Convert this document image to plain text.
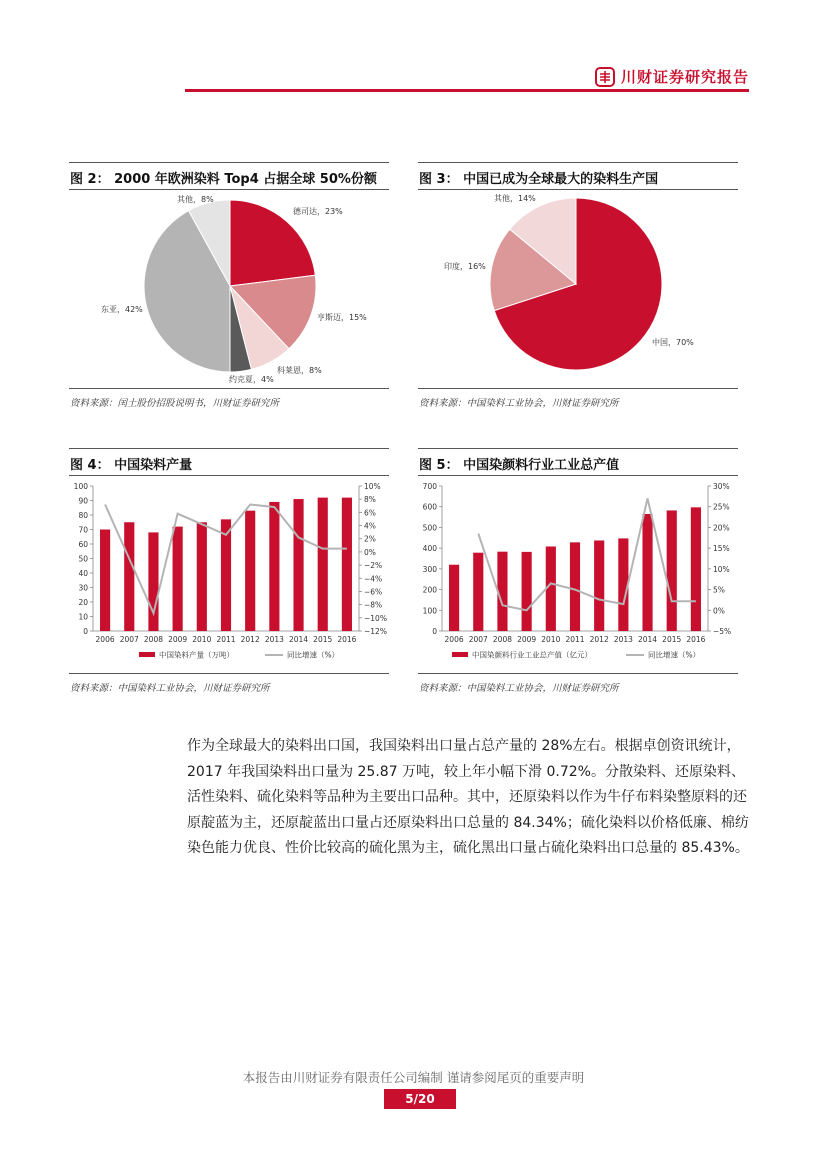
川财证券研究报告
图 2： 2000 年欧洲染料 Top4 占据全球 50%份额
德司达，23%
亨斯迈，15%
科莱恩，8%
约克夏，4%
东亚，42%
其他，8%
资料来源：闰土股份招股说明书，川财证券研究所
图 3： 中国已成为全球最大的染料生产国
中国，70%
印度，16%
其他，14%
资料来源：中国染料工业协会，川财证券研究所
图 4： 中国染料产量
0
10
20
30
40
50
60
70
80
90
100
−12%
−10%
−8%
−6%
−4%
−2%
0%
2%
4%
6%
8%
10%
2006 2007 2008 2009 2010 2011 2012 2013 2014 2015 2016
中国染料产量（万吨）	同比增速（%）
资料来源：中国染料工业协会，川财证券研究所
图 5： 中国染颜料行业工业总产值
0
100
200
300
400
500
600
700
−5%
0%
5%
10%
15%
20%
25%
30%
2006 2007 2008 2009 2010 2011 2012 2013 2014 2015 2016
中国染颜料行业工业总产值（亿元）	同比增速（%）
资料来源：中国染料工业协会，川财证券研究所

作为全球最大的染料出口国，我国染料出口量占总产量的 28%左右。根据卓创资讯统计，2017 年我国染料出口量为 25.87 万吨，较上年小幅下滑 0.72%。分散染料、还原染料、活性染料、硫化染料等品种为主要出口品种。其中，还原染料以作为牛仔布料染整原料的还原靛蓝为主，还原靛蓝出口量占还原染料出口总量的 84.34%；硫化染料以价格低廉、棉纺染色能力优良、性价比较高的硫化黑为主，硫化黑出口量占硫化染料出口总量的 85.43%。

本报告由川财证券有限责任公司编制 谨请参阅尾页的重要声明
5/20
